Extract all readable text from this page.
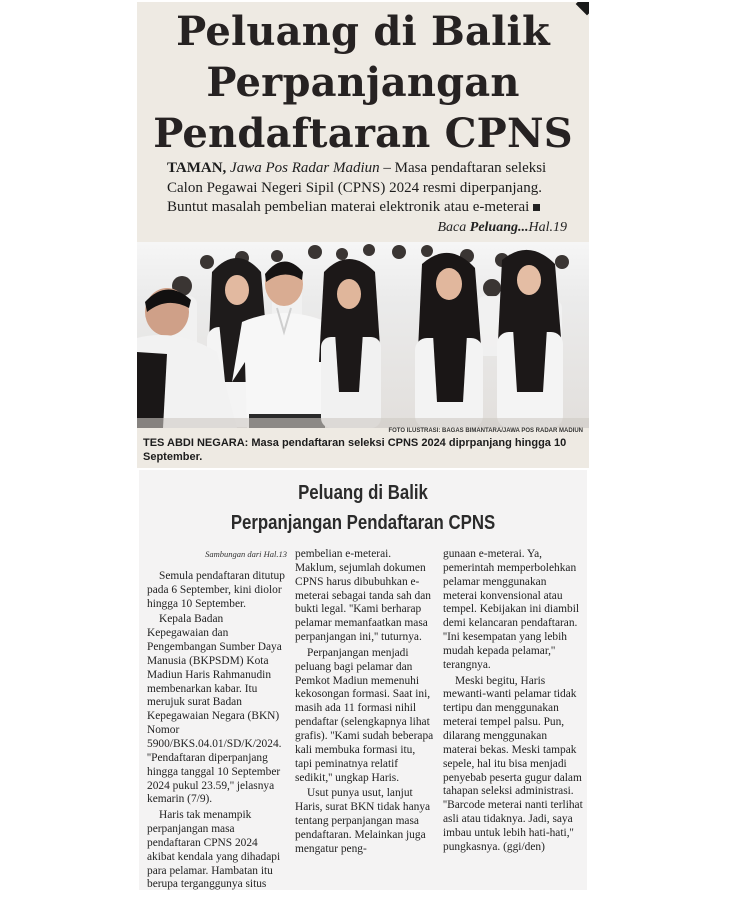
Peluang di Balik
Perpanjangan
Pendaftaran CPNS
TAMAN, Jawa Pos Radar Madiun – Masa pendaftaran seleksi Calon Pegawai Negeri Sipil (CPNS) 2024 resmi diperpanjang. Buntut masalah pembelian materai elektronik atau e-meterai
Baca Peluang...Hal.19
FOTO ILUSTRASI: BAGAS BIMANTARA/JAWA POS RADAR MADIUN
TES ABDI NEGARA: Masa pendaftaran seleksi CPNS 2024 diprpanjang hingga 10 September.
Peluang di Balik
Perpanjangan Pendaftaran CPNS
Sambungan dari Hal.13

Semula pendaftaran ditutup pada 6 September, kini diolor hingga 10 September.

Kepala Badan Kepegawaian dan Pengembangan Sumber Daya Manusia (BKPSDM) Kota Madiun Haris Rahmanudin membenarkan kabar. Itu merujuk surat Badan Kepegawaian Negara (BKN) Nomor 5900/BKS.04.01/SD/K/2024. ''Pendaftaran diperpanjang hingga tanggal 10 September 2024 pukul 23.59,'' jelasnya kemarin (7/9).

Haris tak menampik perpanjangan masa pendaftaran CPNS 2024 akibat kendala yang dihadapi para pelamar. Hambatan itu berupa terganggunya situs

pembelian e-meterai. Maklum, sejumlah dokumen CPNS harus dibubuhkan e-meterai sebagai tanda sah dan bukti legal. ''Kami berharap pelamar memanfaatkan masa perpanjangan ini,'' tuturnya.

Perpanjangan menjadi peluang bagi pelamar dan Pemkot Madiun memenuhi kekosongan formasi. Saat ini, masih ada 11 formasi nihil pendaftar (selengkapnya lihat grafis). ''Kami sudah beberapa kali membuka formasi itu, tapi peminatnya relatif sedikit,'' ungkap Haris.

Usut punya usut, lanjut Haris, surat BKN tidak hanya tentang perpanjangan masa pendaftaran. Melainkan juga mengatur peng-

gunaan e-meterai. Ya, pemerintah memperbolehkan pelamar menggunakan meterai konvensional atau tempel. Kebijakan ini diambil demi kelancaran pendaftaran. ''Ini kesempatan yang lebih mudah kepada pelamar,'' terangnya.

Meski begitu, Haris mewanti-wanti pelamar tidak tertipu dan menggunakan meterai tempel palsu. Pun, dilarang menggunakan materai bekas. Meski tampak sepele, hal itu bisa menjadi penyebab peserta gugur dalam tahapan seleksi administrasi. ''Barcode meterai nanti terlihat asli atau tidaknya. Jadi, saya imbau untuk lebih hati-hati,'' pungkasnya. (ggi/den)
